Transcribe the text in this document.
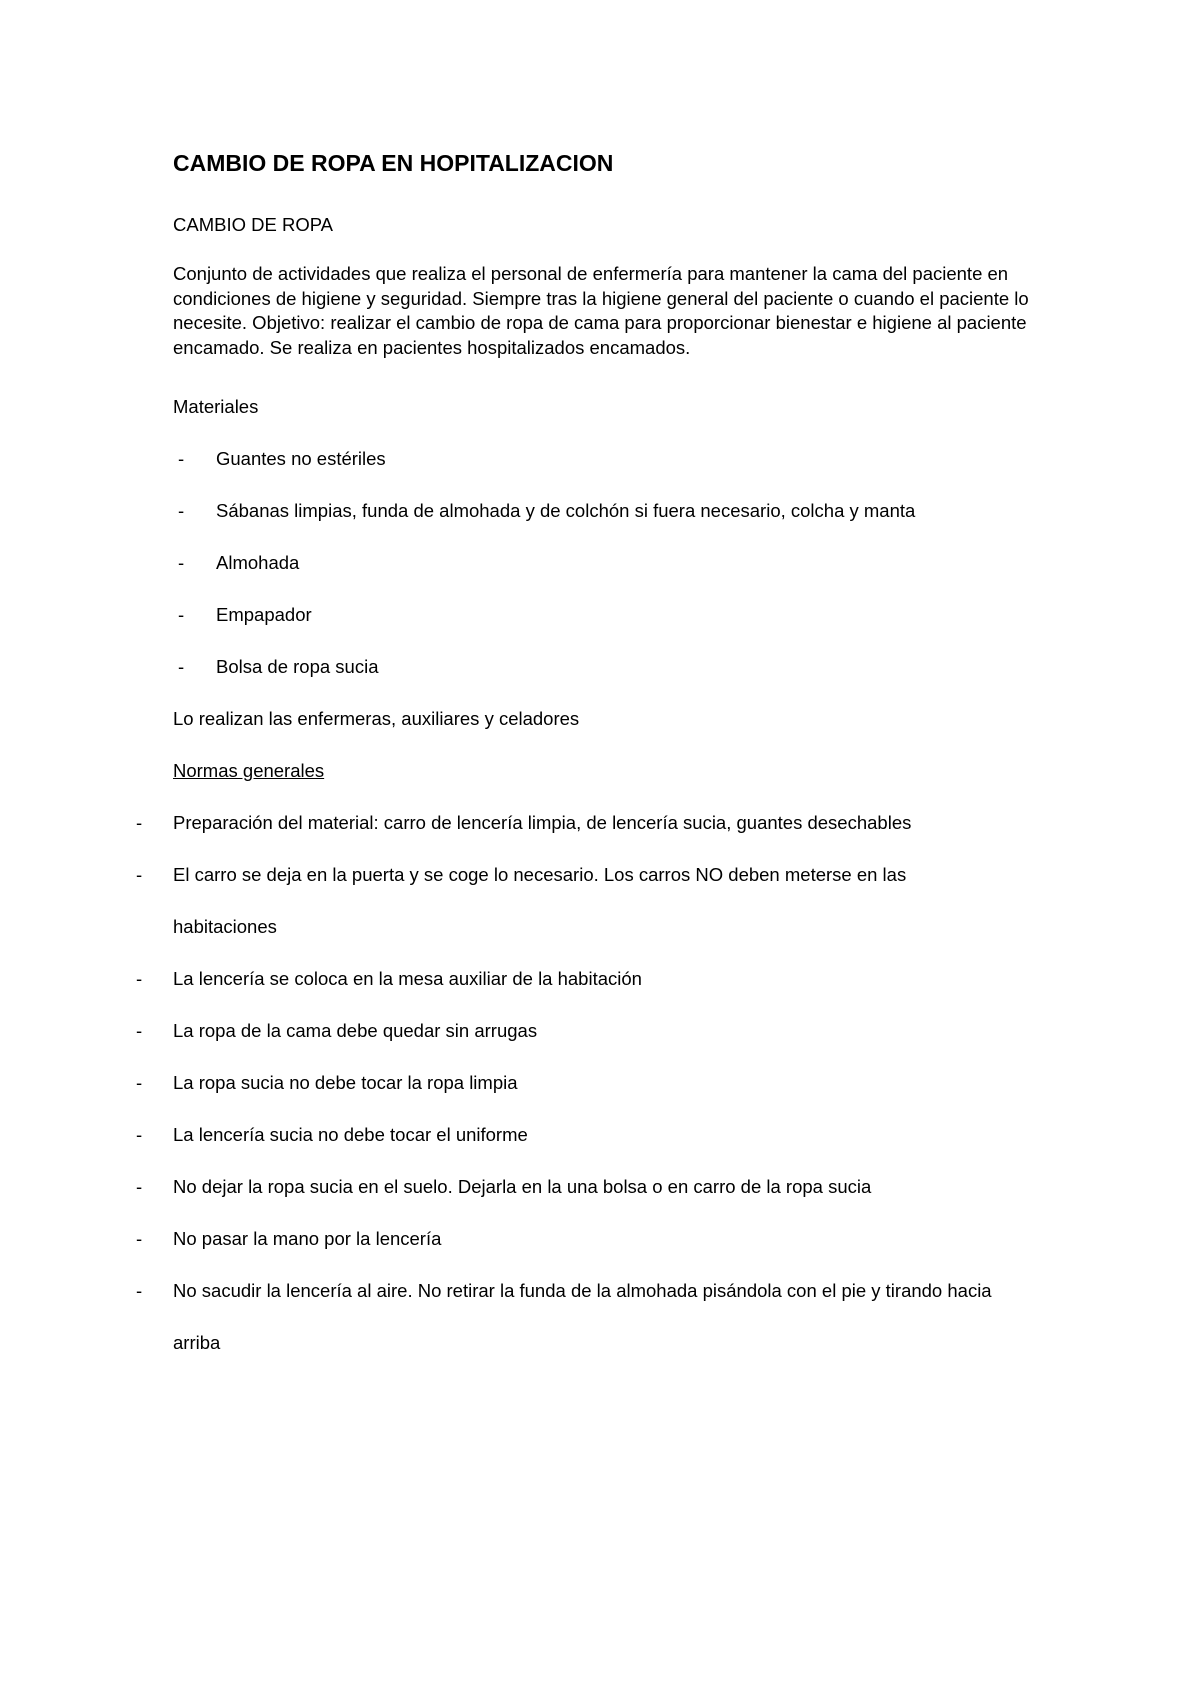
CAMBIO DE ROPA EN HOPITALIZACION
CAMBIO DE ROPA
Conjunto de actividades que realiza el personal de enfermería para mantener la cama del paciente en condiciones de higiene y seguridad. Siempre tras la higiene general del paciente o cuando el paciente lo necesite. Objetivo: realizar el cambio de ropa de cama para proporcionar bienestar e higiene al paciente encamado. Se realiza en pacientes hospitalizados encamados.
Materiales
- Guantes no estériles
- Sábanas limpias, funda de almohada y de colchón si fuera necesario, colcha y manta
- Almohada
- Empapador
- Bolsa de ropa sucia
Lo realizan las enfermeras, auxiliares y celadores
Normas generales
- Preparación del material: carro de lencería limpia, de lencería sucia, guantes desechables
- El carro se deja en la puerta y se coge lo necesario. Los carros NO deben meterse en las
habitaciones
- La lencería se coloca en la mesa auxiliar de la habitación
- La ropa de la cama debe quedar sin arrugas
- La ropa sucia no debe tocar la ropa limpia
- La lencería sucia no debe tocar el uniforme
- No dejar la ropa sucia en el suelo. Dejarla en la una bolsa o en carro de la ropa sucia
- No pasar la mano por la lencería
- No sacudir la lencería al aire. No retirar la funda de la almohada pisándola con el pie y tirando hacia
arriba
